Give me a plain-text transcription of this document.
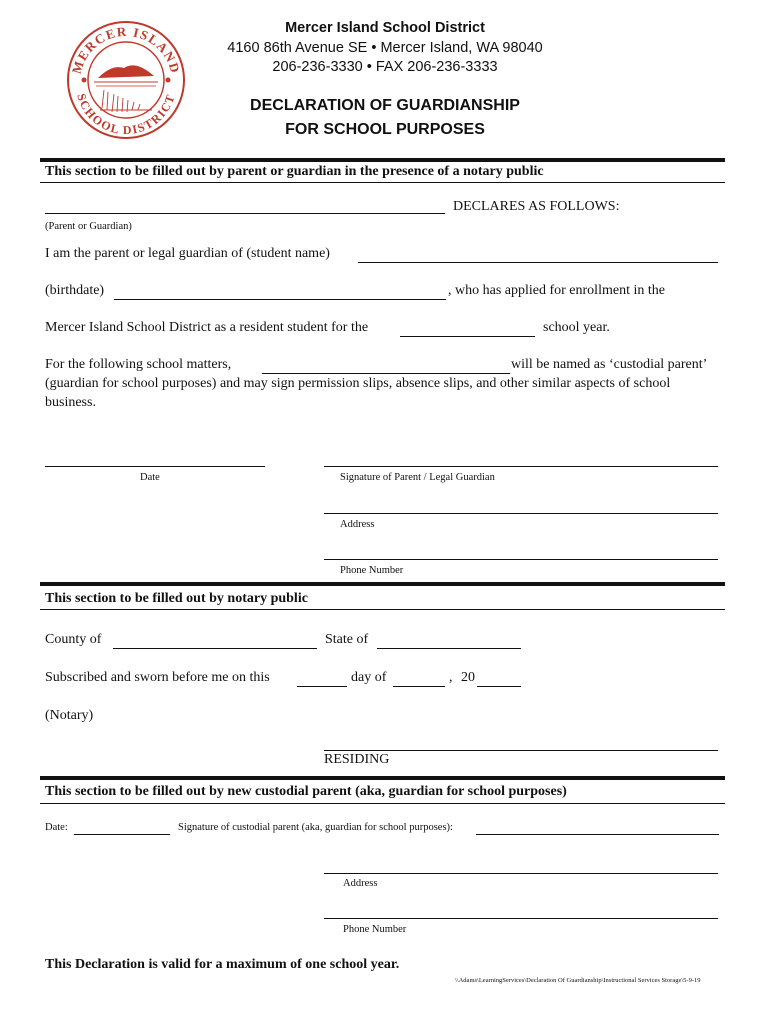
MERCER ISLAND
SCHOOL DISTRICT
Mercer Island School District
4160 86th Avenue SE • Mercer Island, WA 98040
206-236-3330 • FAX 206-236-3333
DECLARATION OF GUARDIANSHIP
FOR SCHOOL PURPOSES
This section to be filled out by parent or guardian in the presence of a notary public
DECLARES AS FOLLOWS:
(Parent or Guardian)
I am the parent or legal guardian of (student name)
(birthdate)	, who has applied for enrollment in the
Mercer Island School District as a resident student for the	school year.
For the following school matters,	will be named as ‘custodial parent’
(guardian for school purposes) and may sign permission slips, absence slips, and other similar aspects of school
business.
Date	Signature of Parent / Legal Guardian
Address
Phone Number
This section to be filled out by notary public
County of	State of
Subscribed and sworn before me on this	day of	, 20
(Notary)
RESIDING
This section to be filled out by new custodial parent (aka, guardian for school purposes)
Date:	Signature of custodial parent (aka, guardian for school purposes):
Address
Phone Number
This Declaration is valid for a maximum of one school year.
\\Adams\LearningServices\Declaration Of Guardianship\Instructional Services Storage\5-9-19
